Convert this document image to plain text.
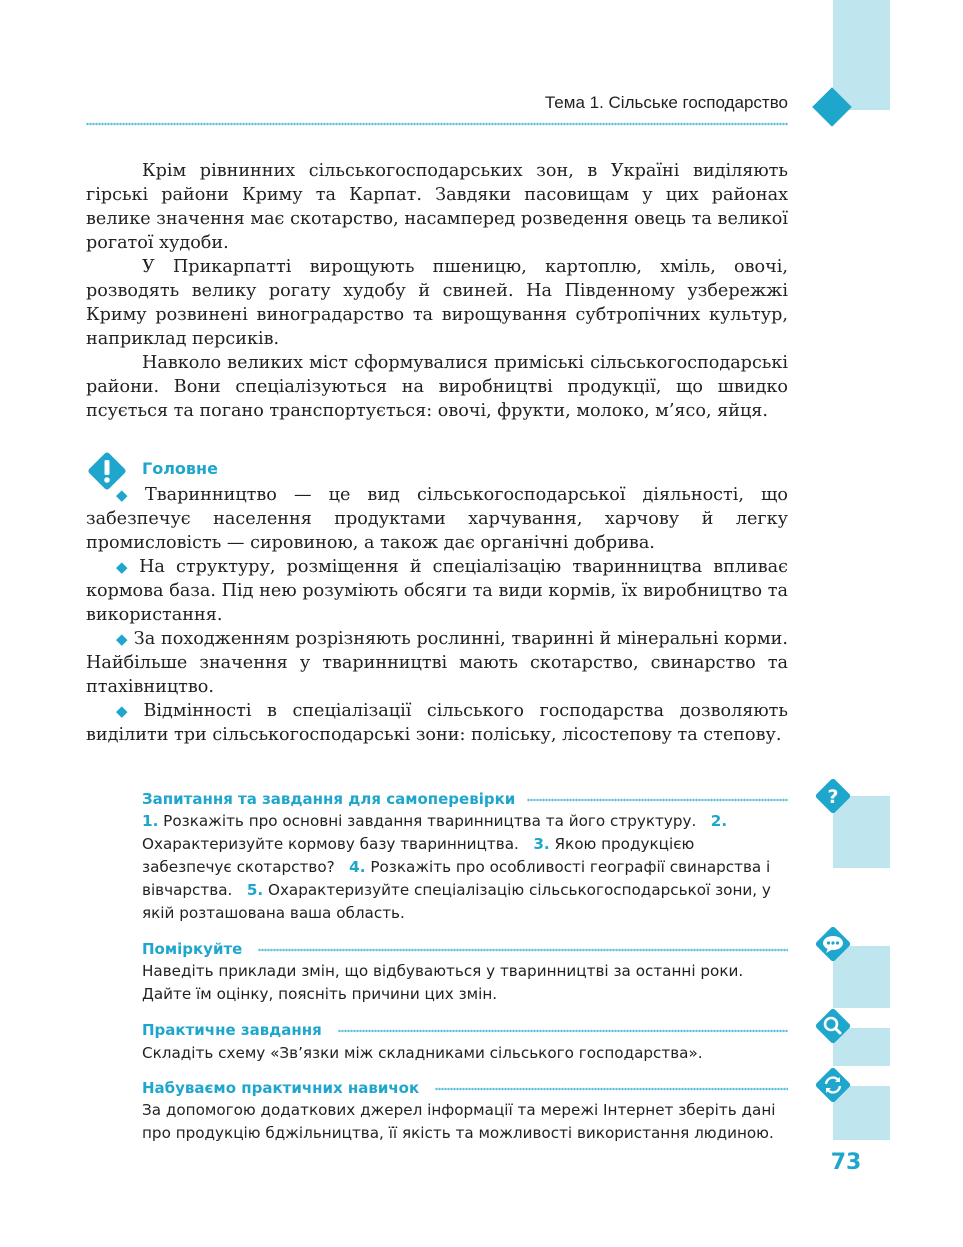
Тема 1. Сільське господарство

Крім рівнинних сільськогосподарських зон, в Україні виділяють гірські райони Криму та Карпат. Завдяки пасовищам у цих районах велике значення має скотарство, насамперед розведення овець та великої рогатої худоби.

У Прикарпатті вирощують пшеницю, картоплю, хміль, овочі, розводять велику рогату худобу й свиней. На Південному узбережжі Криму розвинені виноградарство та вирощування субтропічних культур, наприклад персиків.

Навколо великих міст сформувалися приміські сільськогосподарські райони. Вони спеціалізуються на виробництві продукції, що швидко псується та погано транспортується: овочі, фрукти, молоко, м’ясо, яйця.

Головне

◆ Тваринництво — це вид сільськогосподарської діяльності, що забезпечує населення продуктами харчування, харчову й легку промисловість — сировиною, а також дає органічні добрива.

◆ На структуру, розміщення й спеціалізацію тваринництва впливає кормова база. Під нею розуміють обсяги та види кормів, їх виробництво та використання.

◆ За походженням розрізняють рослинні, тваринні й мінеральні корми. Найбільше значення у тваринництві мають скотарство, свинарство та птахівництво.

◆ Відмінності в спеціалізації сільського господарства дозволяють виділити три сільськогосподарські зони: поліську, лісостепову та степову.

Запитання та завдання для самоперевірки

1. Розкажіть про основні завдання тваринництва та його структуру. 2. Охарактеризуйте кормову базу тваринництва. 3. Якою продукцією забезпечує скотарство? 4. Розкажіть про особливості географії свинарства і вівчарства. 5. Охарактеризуйте спеціалізацію сільськогосподарської зони, у якій розташована ваша область.

Поміркуйте

Наведіть приклади змін, що відбуваються у тваринництві за останні роки. Дайте їм оцінку, поясніть причини цих змін.

Практичне завдання

Складіть схему «Зв’язки між складниками сільського господарства».

Набуваємо практичних навичок

За допомогою додаткових джерел інформації та мережі Інтернет зберіть дані про продукцію бджільництва, її якість та можливості використання людиною.

?
73
